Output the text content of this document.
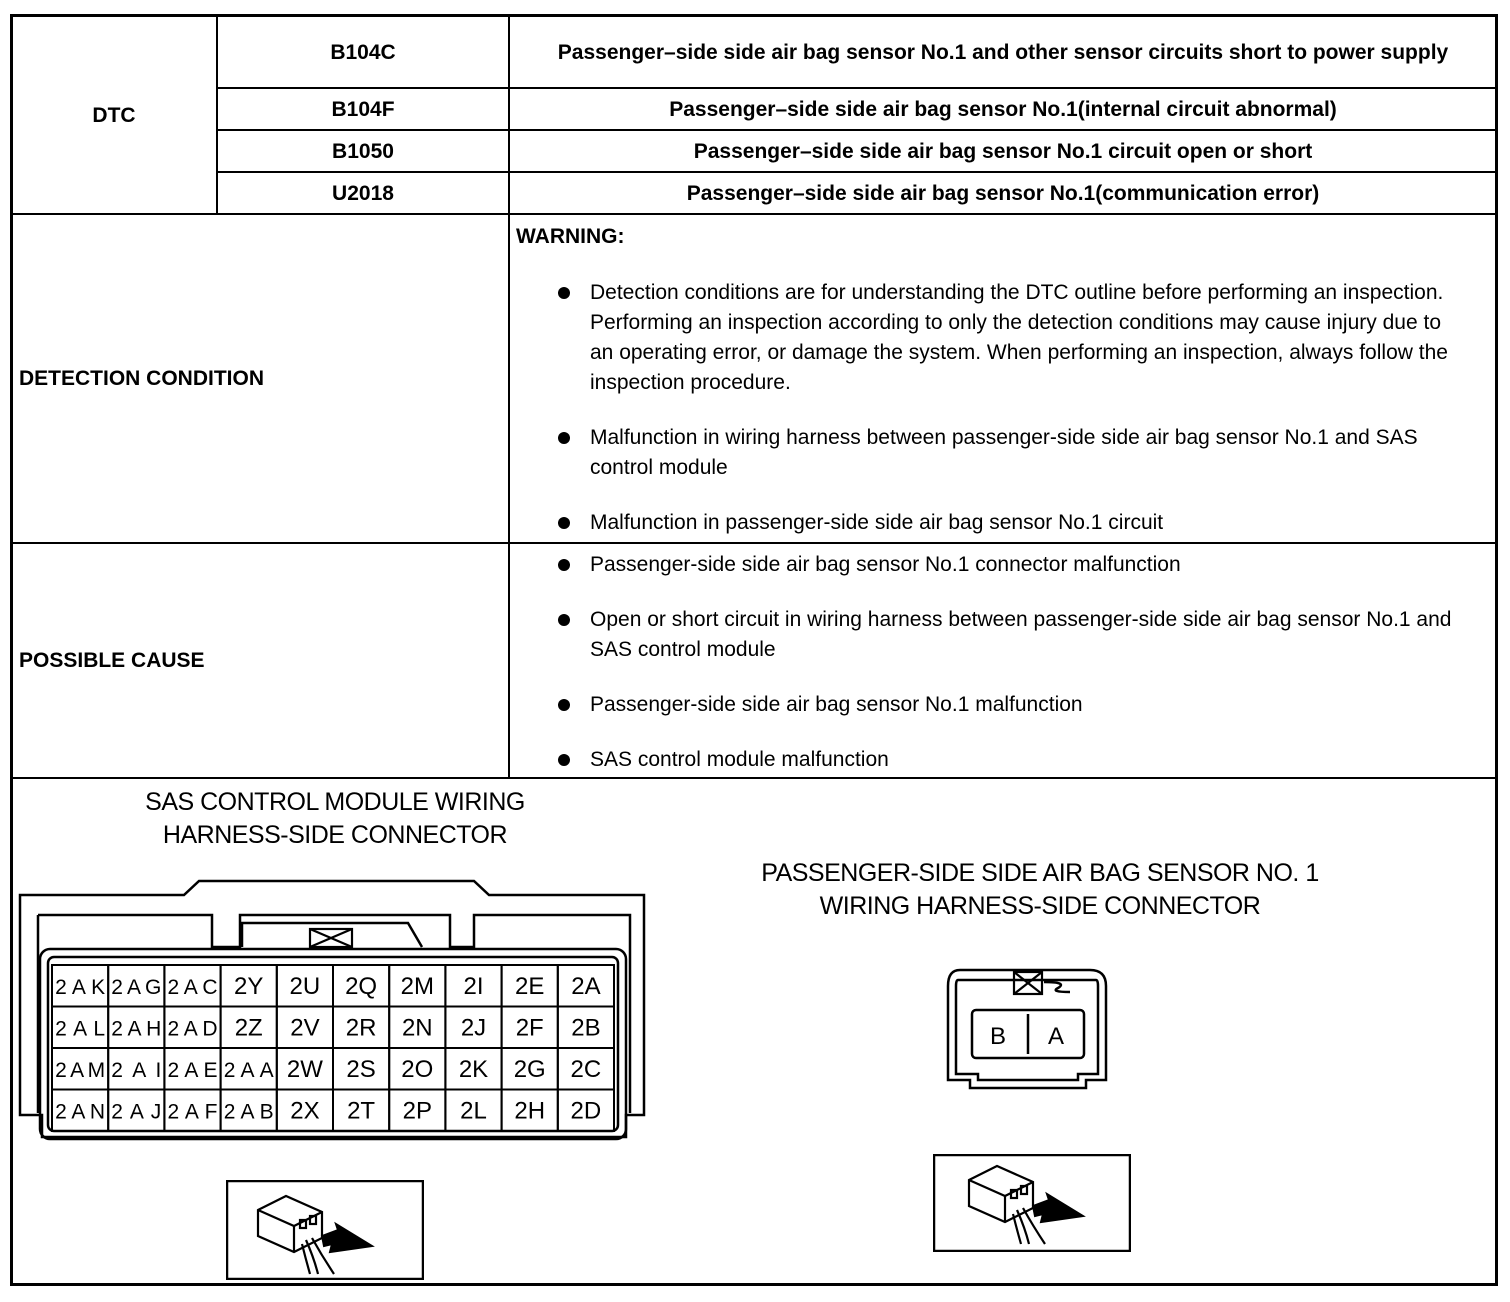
DTC
B104C	Passenger–side side air bag sensor No.1 and other sensor circuits short to power supply
B104F	Passenger–side side air bag sensor No.1(internal circuit abnormal)
B1050	Passenger–side side air bag sensor No.1 circuit open or short
U2018	Passenger–side side air bag sensor No.1(communication error)
DETECTION CONDITION
WARNING:
Detection conditions are for understanding the DTC outline before performing an inspection. Performing an inspection according to only the detection conditions may cause injury due to an operating error, or damage the system. When performing an inspection, always follow the inspection procedure.
Malfunction in wiring harness between passenger-side side air bag sensor No.1 and SAS control module
Malfunction in passenger-side side air bag sensor No.1 circuit
POSSIBLE CAUSE
Passenger-side side air bag sensor No.1 connector malfunction
Open or short circuit in wiring harness between passenger-side side air bag sensor No.1 and SAS control module
Passenger-side side air bag sensor No.1 malfunction
SAS control module malfunction
SAS CONTROL MODULE WIRING
HARNESS-SIDE CONNECTOR
PASSENGER-SIDE SIDE AIR BAG SENSOR NO. 1
WIRING HARNESS-SIDE CONNECTOR
2AK 2AG 2AC 2Y 2U 2Q 2M 2I 2E 2A
2AL 2AH 2AD 2Z 2V 2R 2N 2J 2F 2B
2AM 2AI 2AE 2AA 2W 2S 2O 2K 2G 2C
2AN 2AJ 2AF 2AB 2X 2T 2P 2L 2H 2D
B A
